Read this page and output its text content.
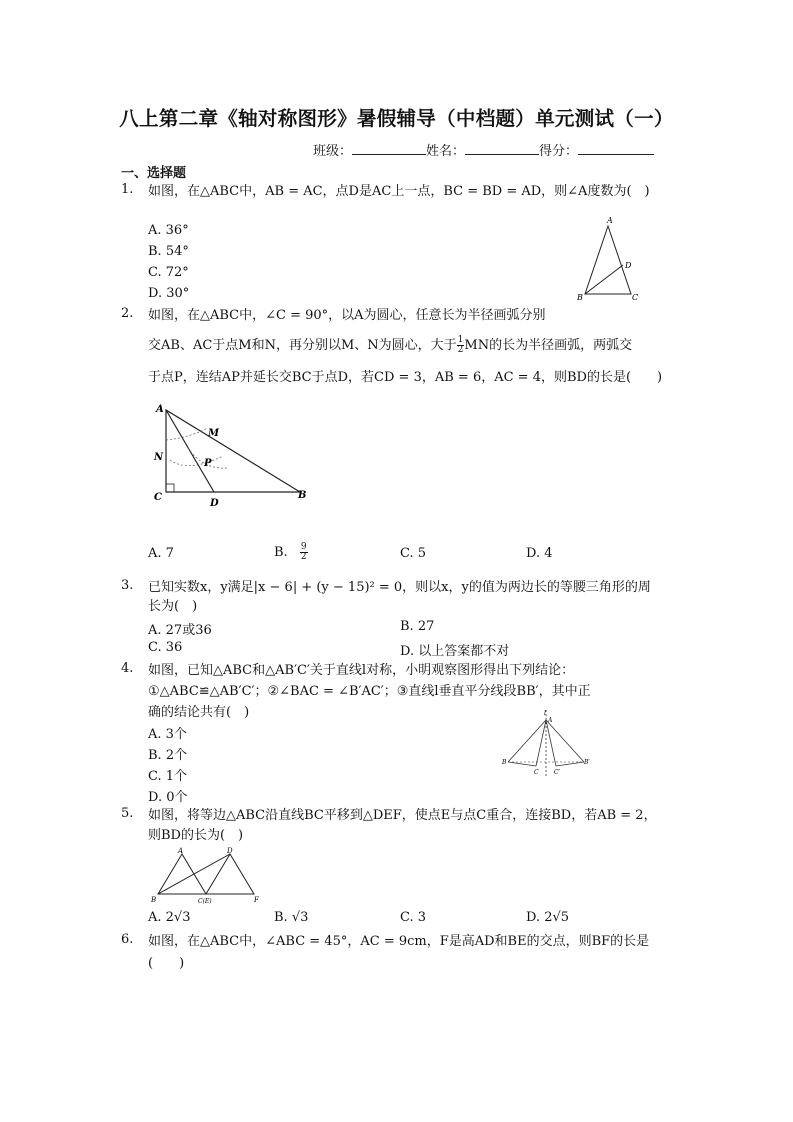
八上第二章《轴对称图形》暑假辅导（中档题）单元测试（一）
班级：	姓名：	得分：
一、选择题
1. 如图，在△ABC中，AB = AC，点D是AC上一点，BC = BD = AD，则∠A度数为(　)
A. 36°
B. 54°
C. 72°
D. 30°
A
B	C
D
2. 如图，在△ABC中，∠C = 90°，以A为圆心，任意长为半径画弧分别
交AB、AC于点M和N，再分别以M、N为圆心，大于 $\frac{1}{2}$ MN的长为半径画弧，两弧交
于点P，连结AP并延长交BC于点D，若CD = 3，AB = 6，AC = 4，则BD的长是(　　)
A
M
N
P
C
D
B
A. 7	B. $\frac{9}{2}$	C. 5	D. 4
3. 已知实数x，y满足|x − 6| + (y − 15)² = 0，则以x，y的值为两边长的等腰三角形的周
长为(　)
A. 27或36	B. 27
C. 36	D. 以上答案都不对
4. 如图，已知△ABC和△AB′C′关于直线l对称，小明观察图形得出下列结论：
①△ABC≌△AB′C′；②∠BAC = ∠B′AC′；③直线l垂直平分线段BB′，其中正
确的结论共有(　)
A. 3个
B. 2个
C. 1个
D. 0个
l
A
B
C	C′
B′
5. 如图，将等边△ABC沿直线BC平移到△DEF，使点E与点C重合，连接BD，若AB = 2，
则BD的长为(　)
A	D
B	C(E)	F
A. 2√3	B. √3	C. 3	D. 2√5
6. 如图，在△ABC中，∠ABC = 45°，AC = 9cm，F是高AD和BE的交点，则BF的长是
(　　)
